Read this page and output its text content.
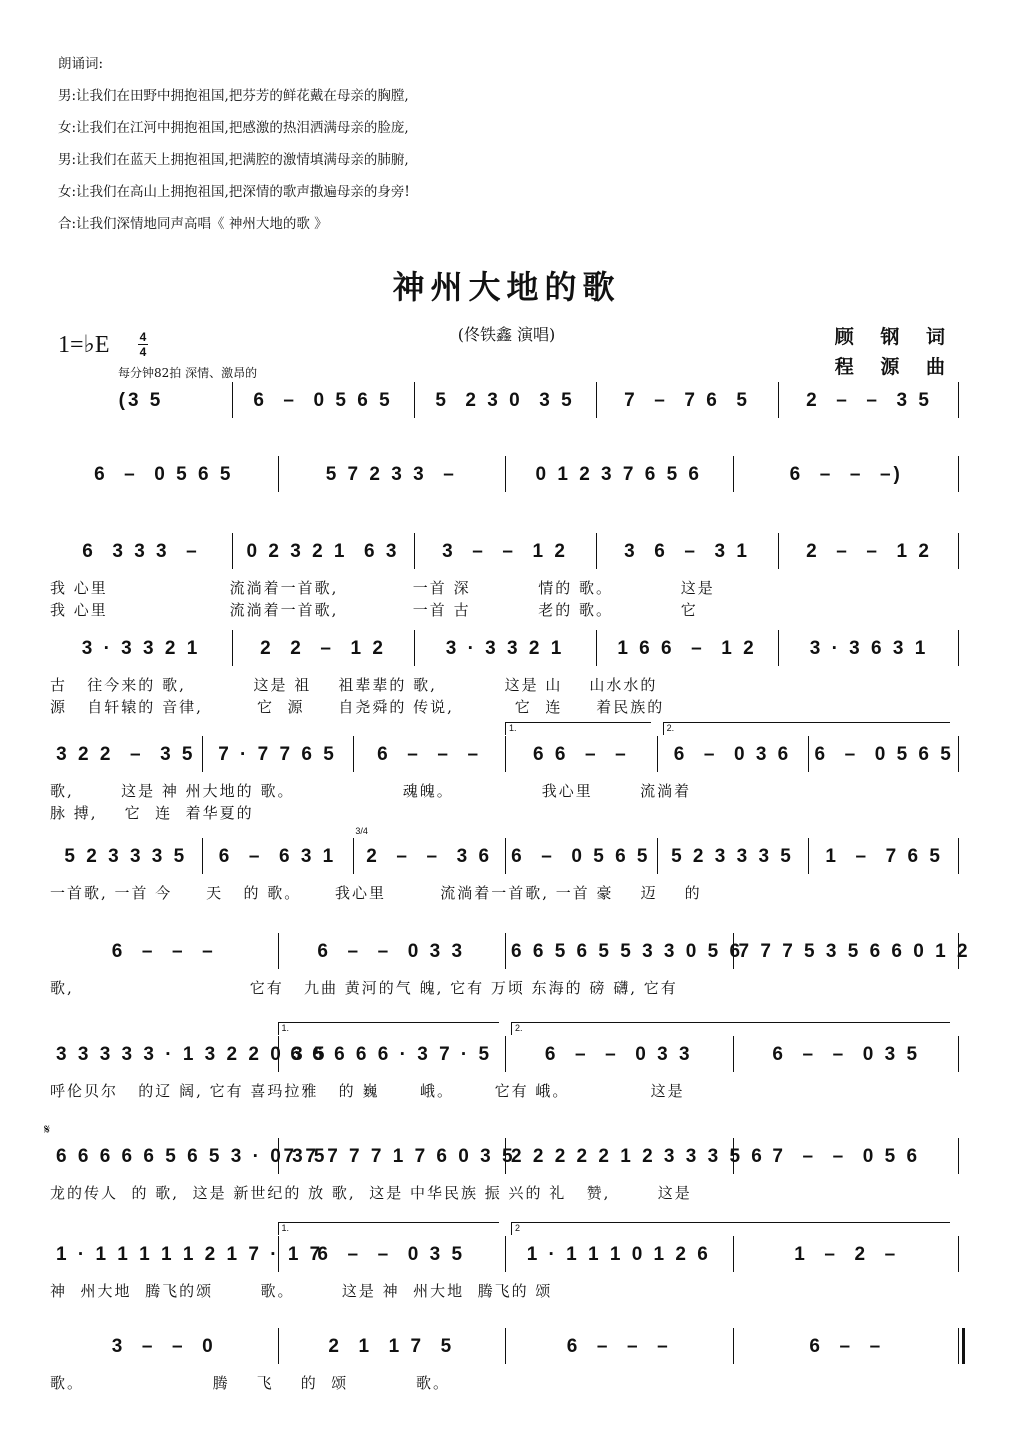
朗诵词:
男:让我们在田野中拥抱祖国,把芬芳的鲜花戴在母亲的胸膛,
女:让我们在江河中拥抱祖国,把感激的热泪洒满母亲的脸庞,
男:让我们在蓝天上拥抱祖国,把满腔的激情填满母亲的肺腑,
女:让我们在高山上拥抱祖国,把深情的歌声撒遍母亲的身旁!
合:让我们深情地同声高唱《 神州大地的歌 》
神州大地的歌
(佟铁鑫 演唱)	顾 钢 词
程 源 曲
1=♭E	4
4
每分钟82拍 深情、激昂的
(3 5	6  –  0 5 6 5	5  2 3 0  3 5	7  –  7 6  5	2  –  –  3 5
6  –  0 5 6 5	5 7 2 3 3  –	0 1 2 3 7 6 5 6	6  –  –  –)
6  3 3 3  –	0 2 3 2 1  6 3	3  –  –  1 2	3  6  –  3 1	2  –  –  1 2
我 心里                  流淌着一首歌,           一首 深          情的 歌。          这是
我 心里                  流淌着一首歌,           一首 古          老的 歌。          它
3 · 3 3 2 1	2  2  –  1 2	3 · 3 3 2 1	1 6 6  –  1 2	3 · 3 6 3 1
古   往今来的 歌,          这是 祖    祖辈辈的 歌,          这是 山    山水水的
源   自轩辕的 音律,        它  源     自尧舜的 传说,         它  连     着民族的
3 2 2  –  3 5	7 · 7 7 6 5	6  –  –  –	6 6  –  –	6  –  0 3 6	6  –  0 5 6 5
歌,       这是 神 州大地的 歌。                魂魄。             我心里       流淌着
脉 搏,    它  连  着华夏的
1.	2.
5 2 3 3 3 5	6  –  6 3 1	2  –  –  3 6	6  –  0 5 6 5	5 2 3 3 3 5	1  –  7 6 5
一首歌, 一首 今     天   的 歌。     我心里        流淌着一首歌, 一首 豪    迈    的
3/4
6  –  –  –	6  –  –  0 3 3	6 6 5 6 5 5 3 3 0 5 6
7 7 7 5 3 5 6 6 0 1 2
歌,                          它有   九曲 黄河的气 魄, 它有 万顷 东海的 磅 礴, 它有
3 3 3 3 3 · 1 3 2 2 0 3 5
6 6 6 6 6 · 3 7 · 5	6  –  –  0 3 3	6  –  –  0 3 5
呼伦贝尔   的辽 阔, 它有 喜玛拉雅   的 巍      峨。      它有 峨。            这是
1.	2.
6 6 6 6 6 5 6 5 3 · 0 3 5
7 7 7 7 7 1 7 6 0 3 5
2 2 2 2 2 1 2 3 3 3 5 6 7  –  –  0 5 6
龙的传人  的 歌,  这是 新世纪的 放 歌,  这是 中华民族 振 兴的 礼   赞,       这是
𝄋
1 · 1 1 1 1 1 2 1 7 · 1 7
6  –  –  0 3 5	1 · 1 1 1 0 1 2 6	1  –  2  –
神  州大地  腾飞的颂       歌。       这是 神  州大地  腾飞的 颂
1.	2
3  –  –  0	2  1  1 7  5	6  –  –  –	6  –  –
歌。                   腾    飞    的  颂          歌。
